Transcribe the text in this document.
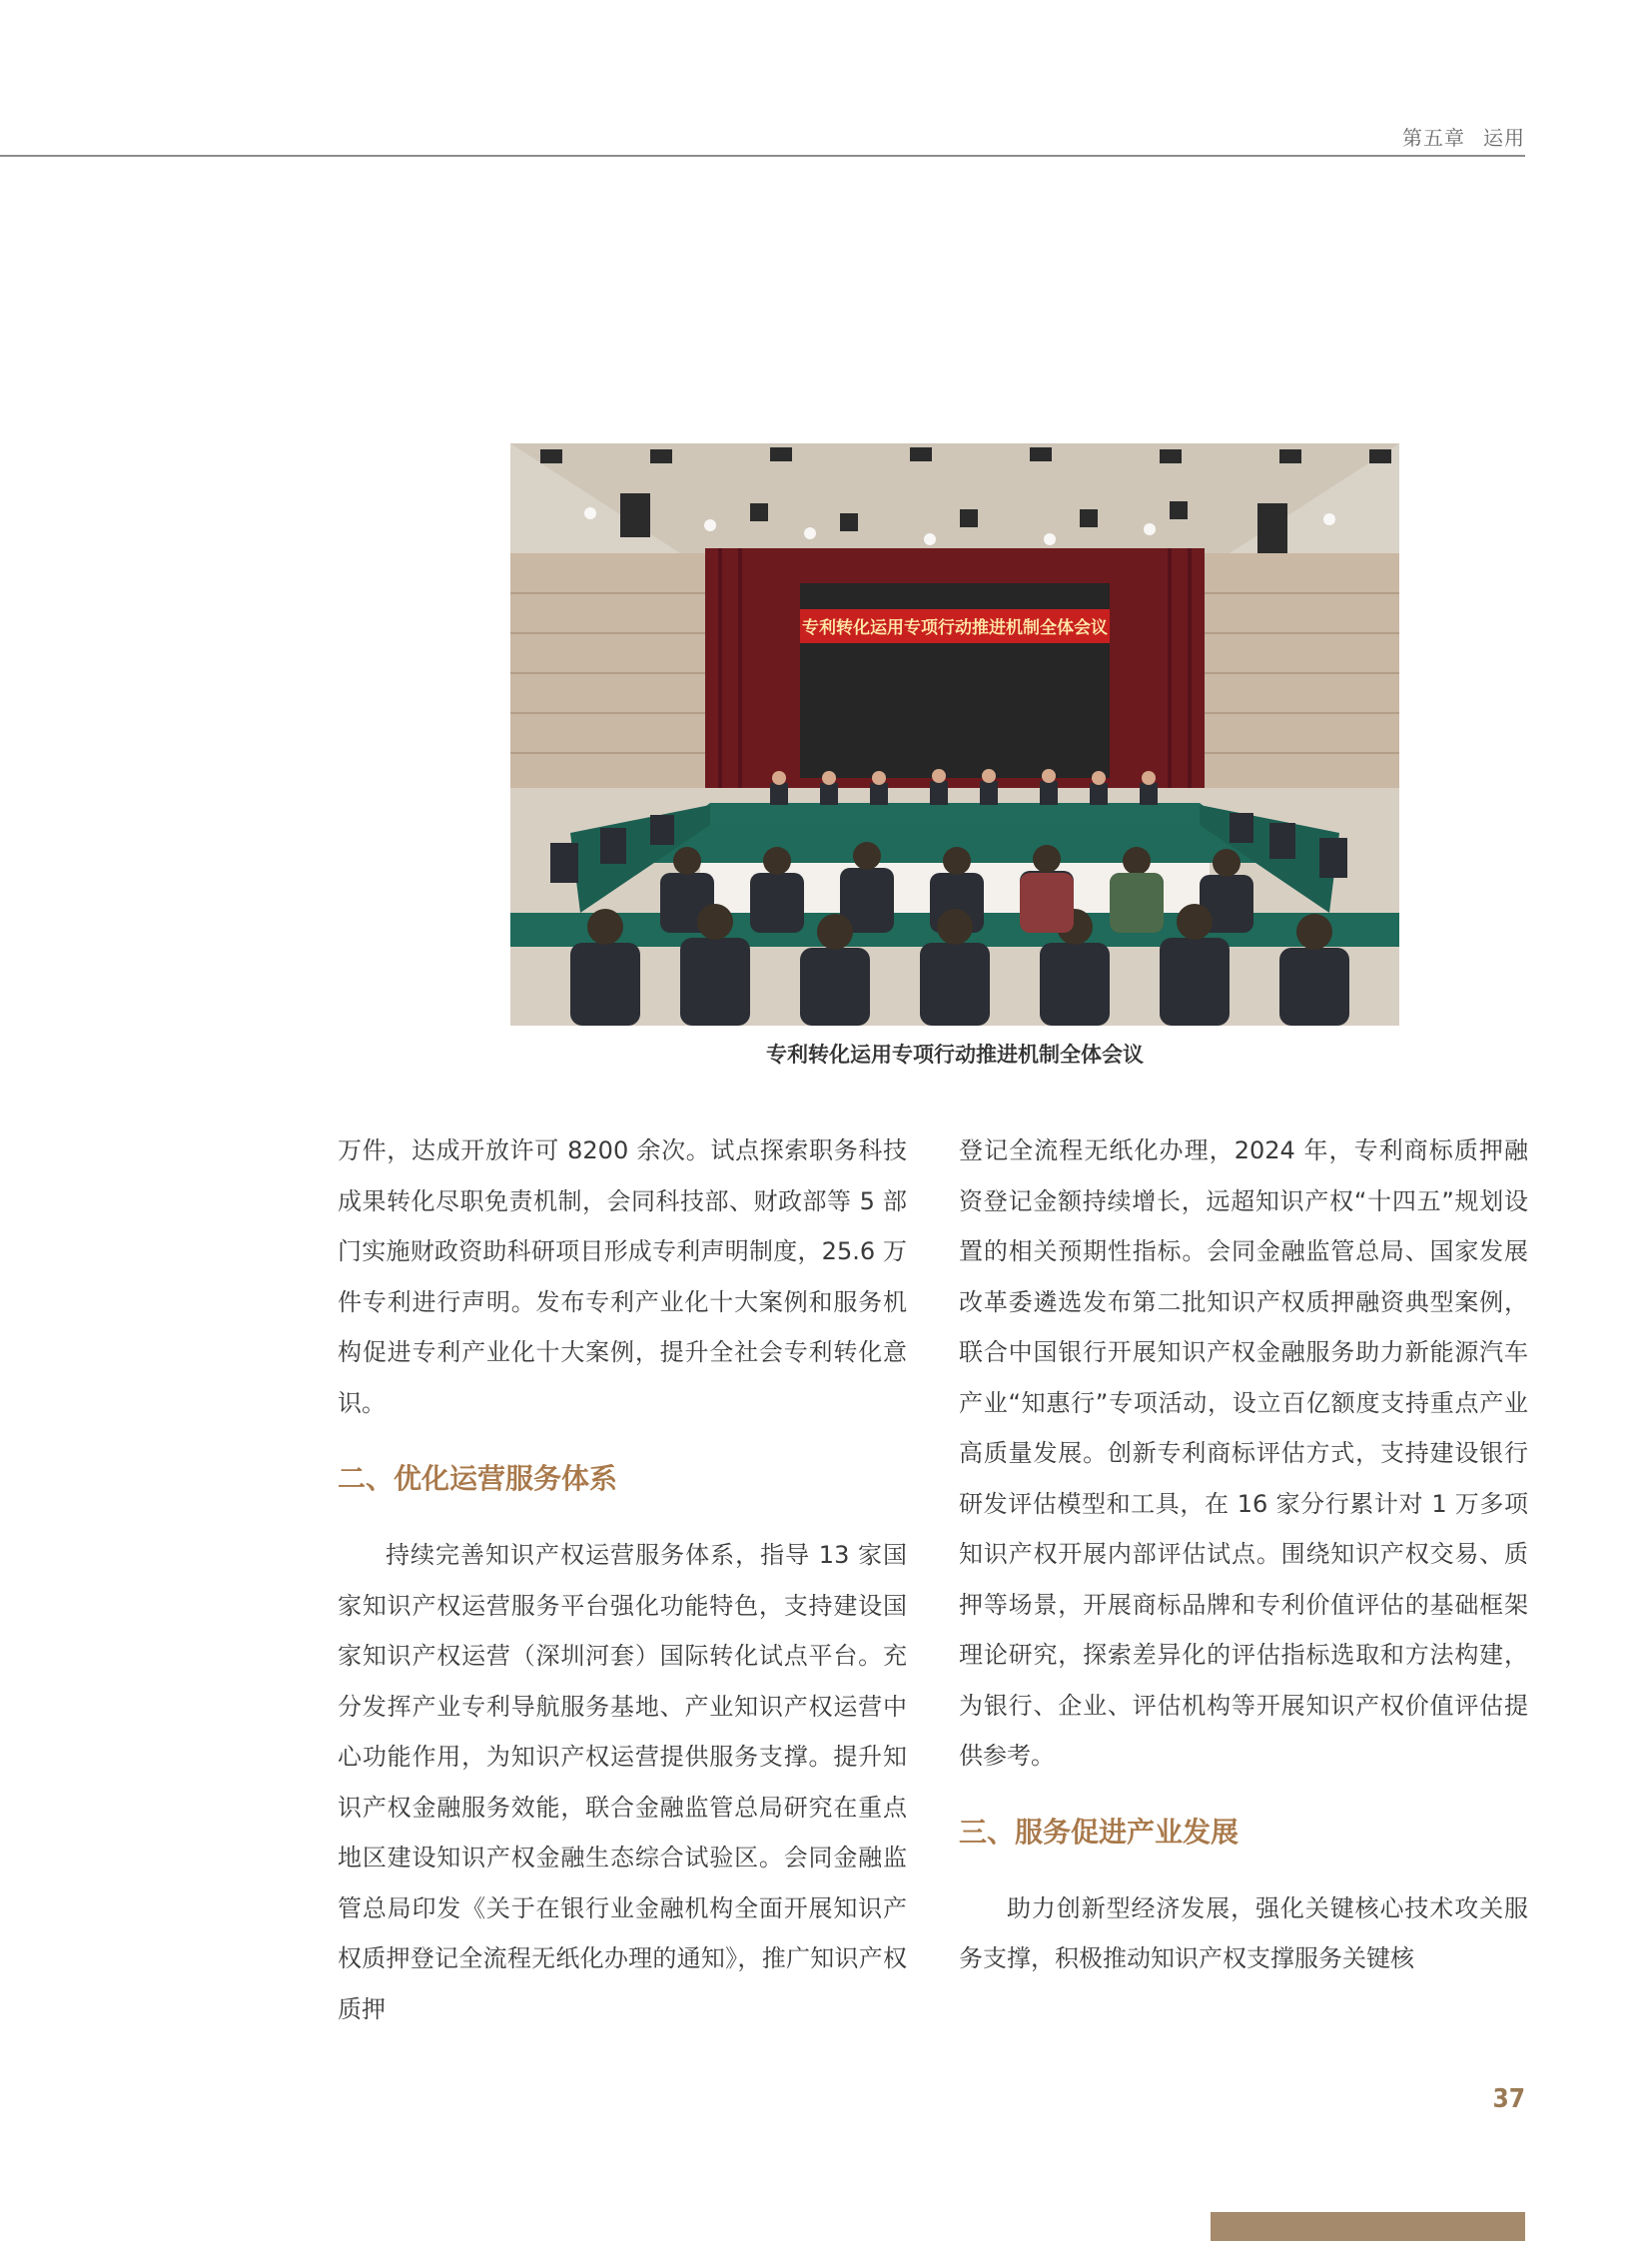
第五章 运用
专利转化运用专项行动推进机制全体会议
专利转化运用专项行动推进机制全体会议

万件，达成开放许可 8200 余次。试点探索职务科技成果转化尽职免责机制，会同科技部、财政部等 5 部门实施财政资助科研项目形成专利声明制度，25.6 万件专利进行声明。发布专利产业化十大案例和服务机构促进专利产业化十大案例，提升全社会专利转化意识。

二、优化运营服务体系

持续完善知识产权运营服务体系，指导 13 家国家知识产权运营服务平台强化功能特色，支持建设国家知识产权运营（深圳河套）国际转化试点平台。充分发挥产业专利导航服务基地、产业知识产权运营中心功能作用，为知识产权运营提供服务支撑。提升知识产权金融服务效能，联合金融监管总局研究在重点地区建设知识产权金融生态综合试验区。会同金融监管总局印发《关于在银行业金融机构全面开展知识产权质押登记全流程无纸化办理的通知》，推广知识产权质押

登记全流程无纸化办理，2024 年，专利商标质押融资登记金额持续增长，远超知识产权“十四五”规划设置的相关预期性指标。会同金融监管总局、国家发展改革委遴选发布第二批知识产权质押融资典型案例，联合中国银行开展知识产权金融服务助力新能源汽车产业“知惠行”专项活动，设立百亿额度支持重点产业高质量发展。创新专利商标评估方式，支持建设银行研发评估模型和工具，在 16 家分行累计对 1 万多项知识产权开展内部评估试点。围绕知识产权交易、质押等场景，开展商标品牌和专利价值评估的基础框架理论研究，探索差异化的评估指标选取和方法构建，为银行、企业、评估机构等开展知识产权价值评估提供参考。

三、服务促进产业发展

助力创新型经济发展，强化关键核心技术攻关服务支撑，积极推动知识产权支撑服务关键核

37
